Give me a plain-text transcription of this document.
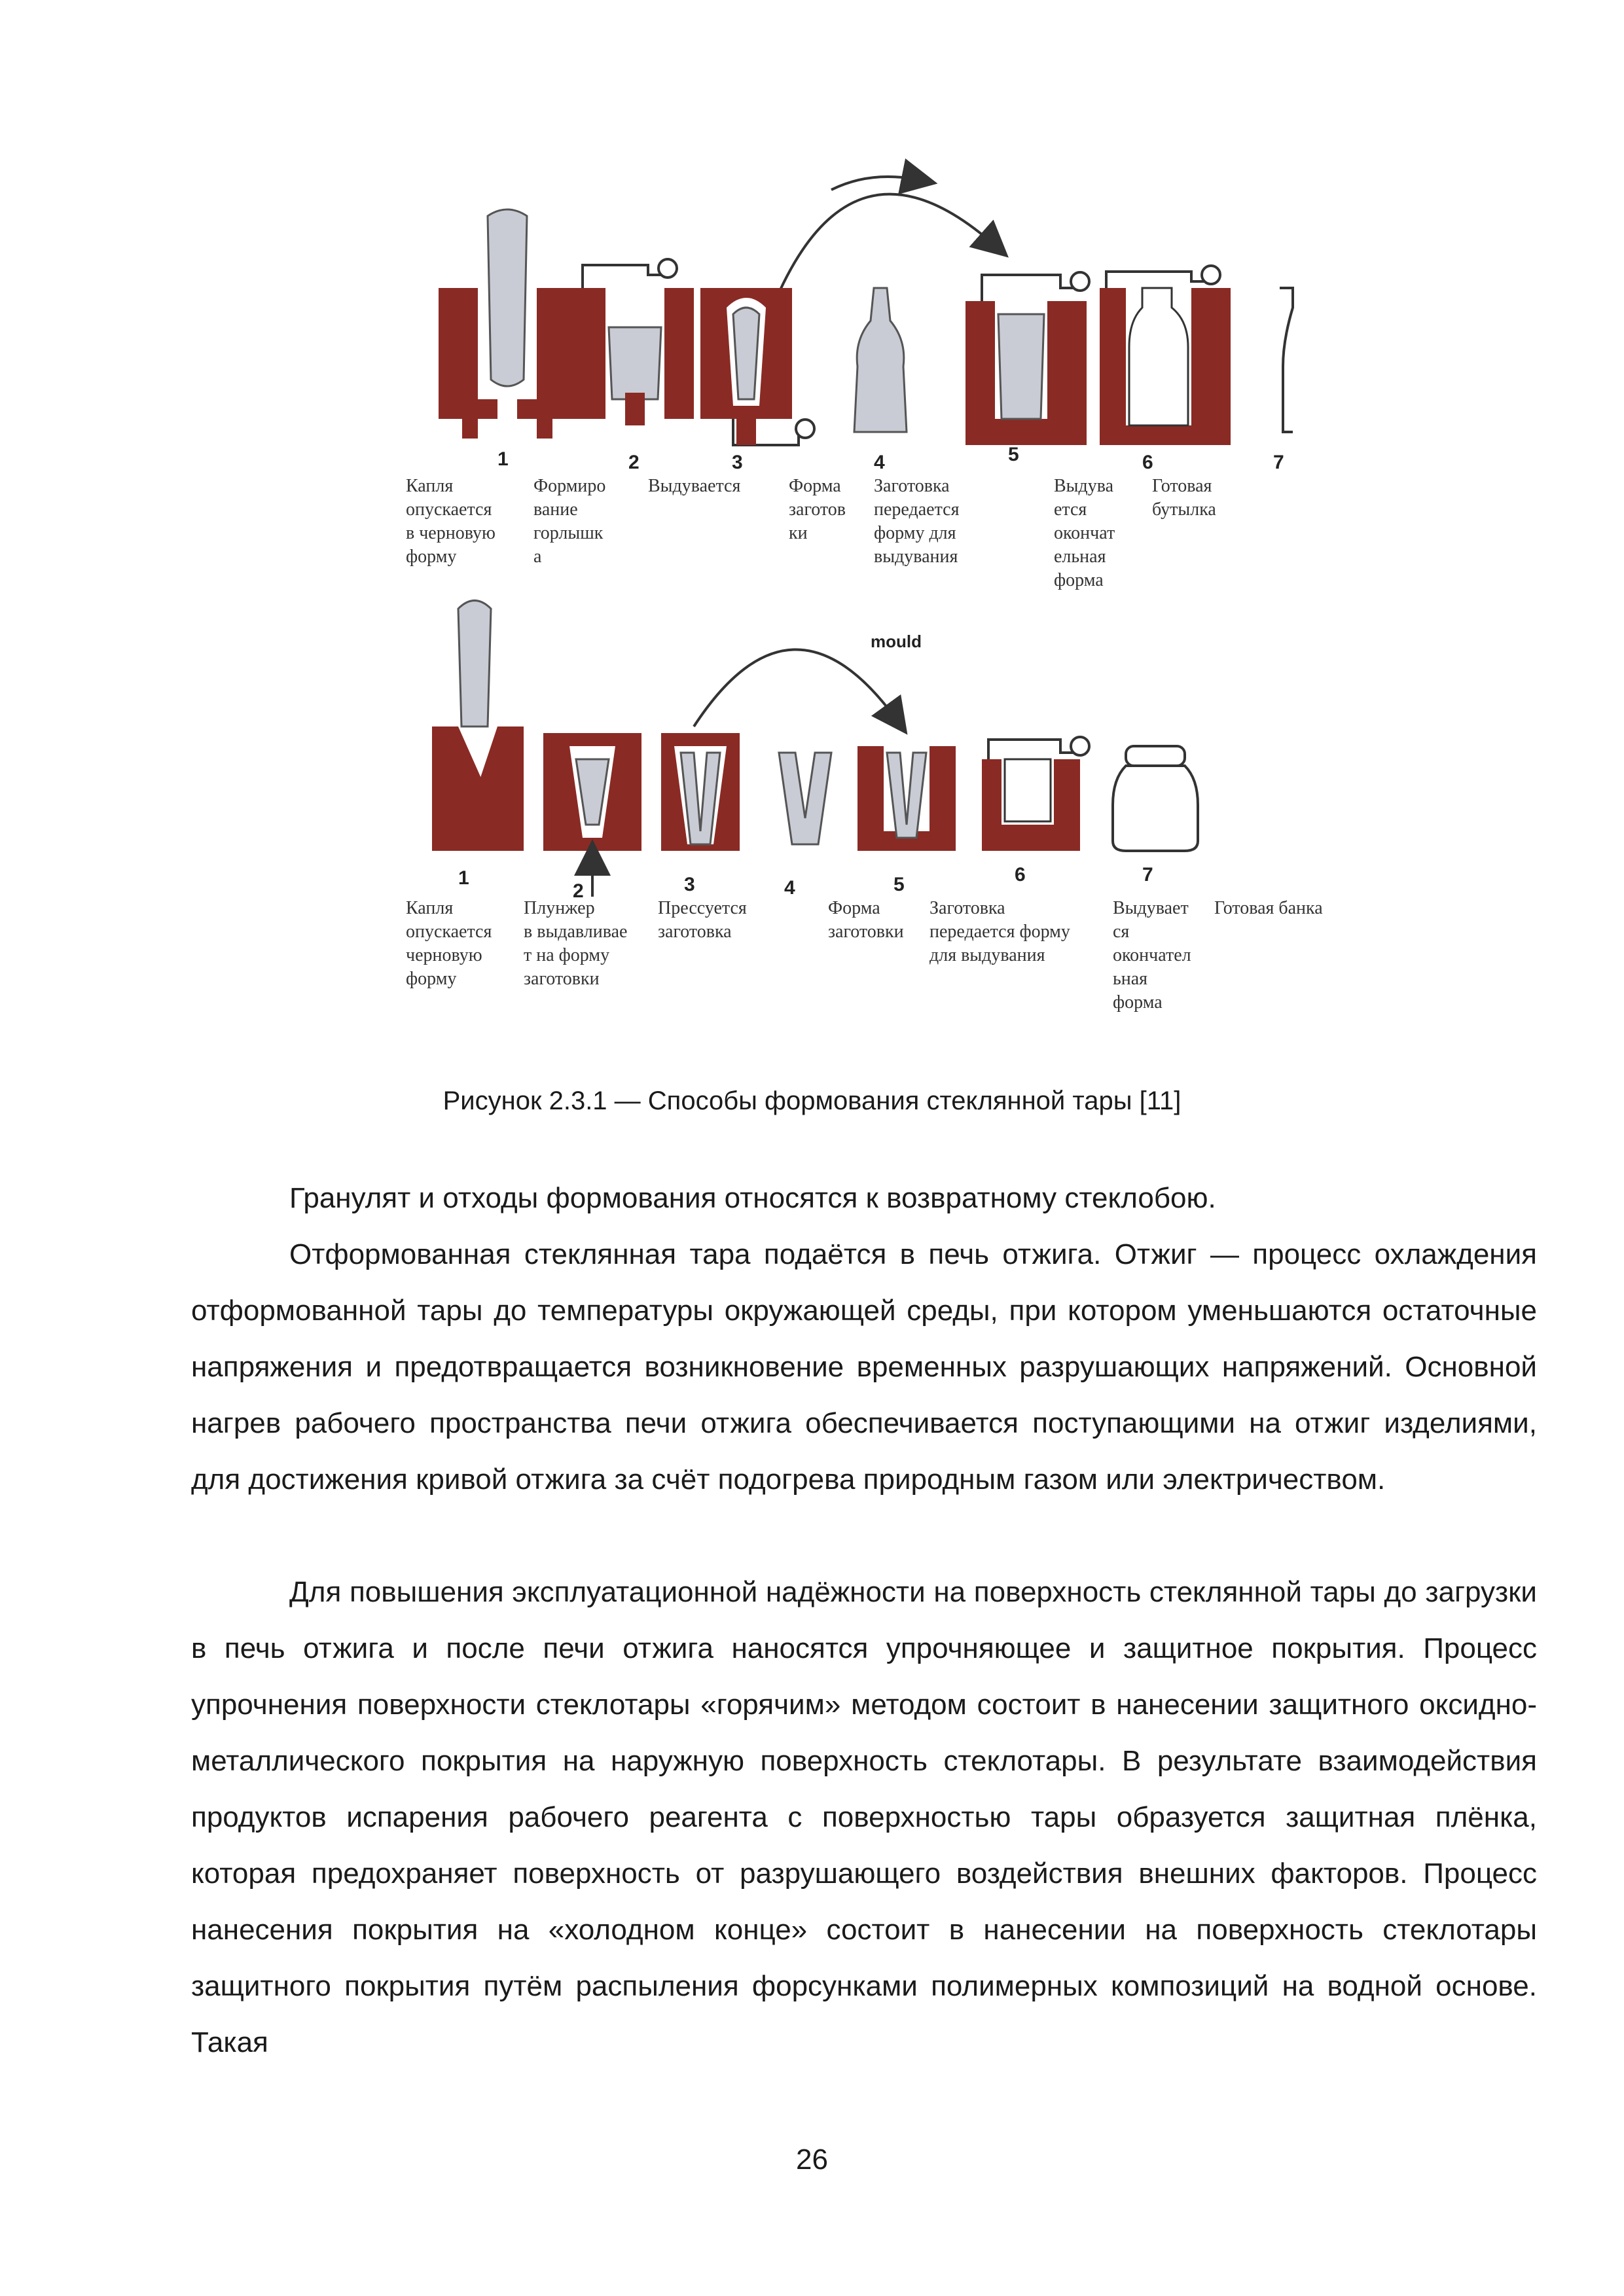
1	2	3	4	5	6	7
Капля
опускается
в черновую
форму
Формиро
вание
горлышк
а
Выдувается	Форма
заготов
ки
Заготовка
передается
форму для
выдувания
Выдува
ется
окончат
ельная
форма
Готовая
бутылка
mould
1
2	3	4	5	6	7
Капля
опускается
черновую
форму
Плунжер
в выдавливае
т на форму
заготовки
Прессуется
заготовка
Форма
заготовки
Заготовка
передается форму
для выдувания
Выдувает
ся
окончател
ьная
форма
Готовая банка
Рисунок 2.3.1 — Способы формования стеклянной тары [11]

Гранулят и отходы формования относятся к возвратному стеклобою.

Отформованная стеклянная тара подаётся в печь отжига. Отжиг — процесс охлаждения отформованной тары до температуры окружающей среды, при котором уменьшаются остаточные напряжения и предотвращается возникновение временных разрушающих напряжений. Основной нагрев рабочего пространства печи отжига обеспечивается поступающими на отжиг изделиями, для достижения кривой отжига за счёт подогрева природным газом или электричеством.

Для повышения эксплуатационной надёжности на поверхность стеклянной тары до загрузки в печь отжига и после печи отжига наносятся упрочняющее и защитное покрытия. Процесс упрочнения поверхности стеклотары «горячим» методом состоит в нанесении защитного оксидно-металлического покрытия на наружную поверхность стеклотары. В результате взаимодействия продуктов испарения рабочего реагента с поверхностью тары образуется защитная плёнка, которая предохраняет поверхность от разрушающего воздействия внешних факторов. Процесс нанесения покрытия на «холодном конце» состоит в нанесении на поверхность стеклотары защитного покрытия путём распыления форсунками полимерных композиций на водной основе. Такая

26
